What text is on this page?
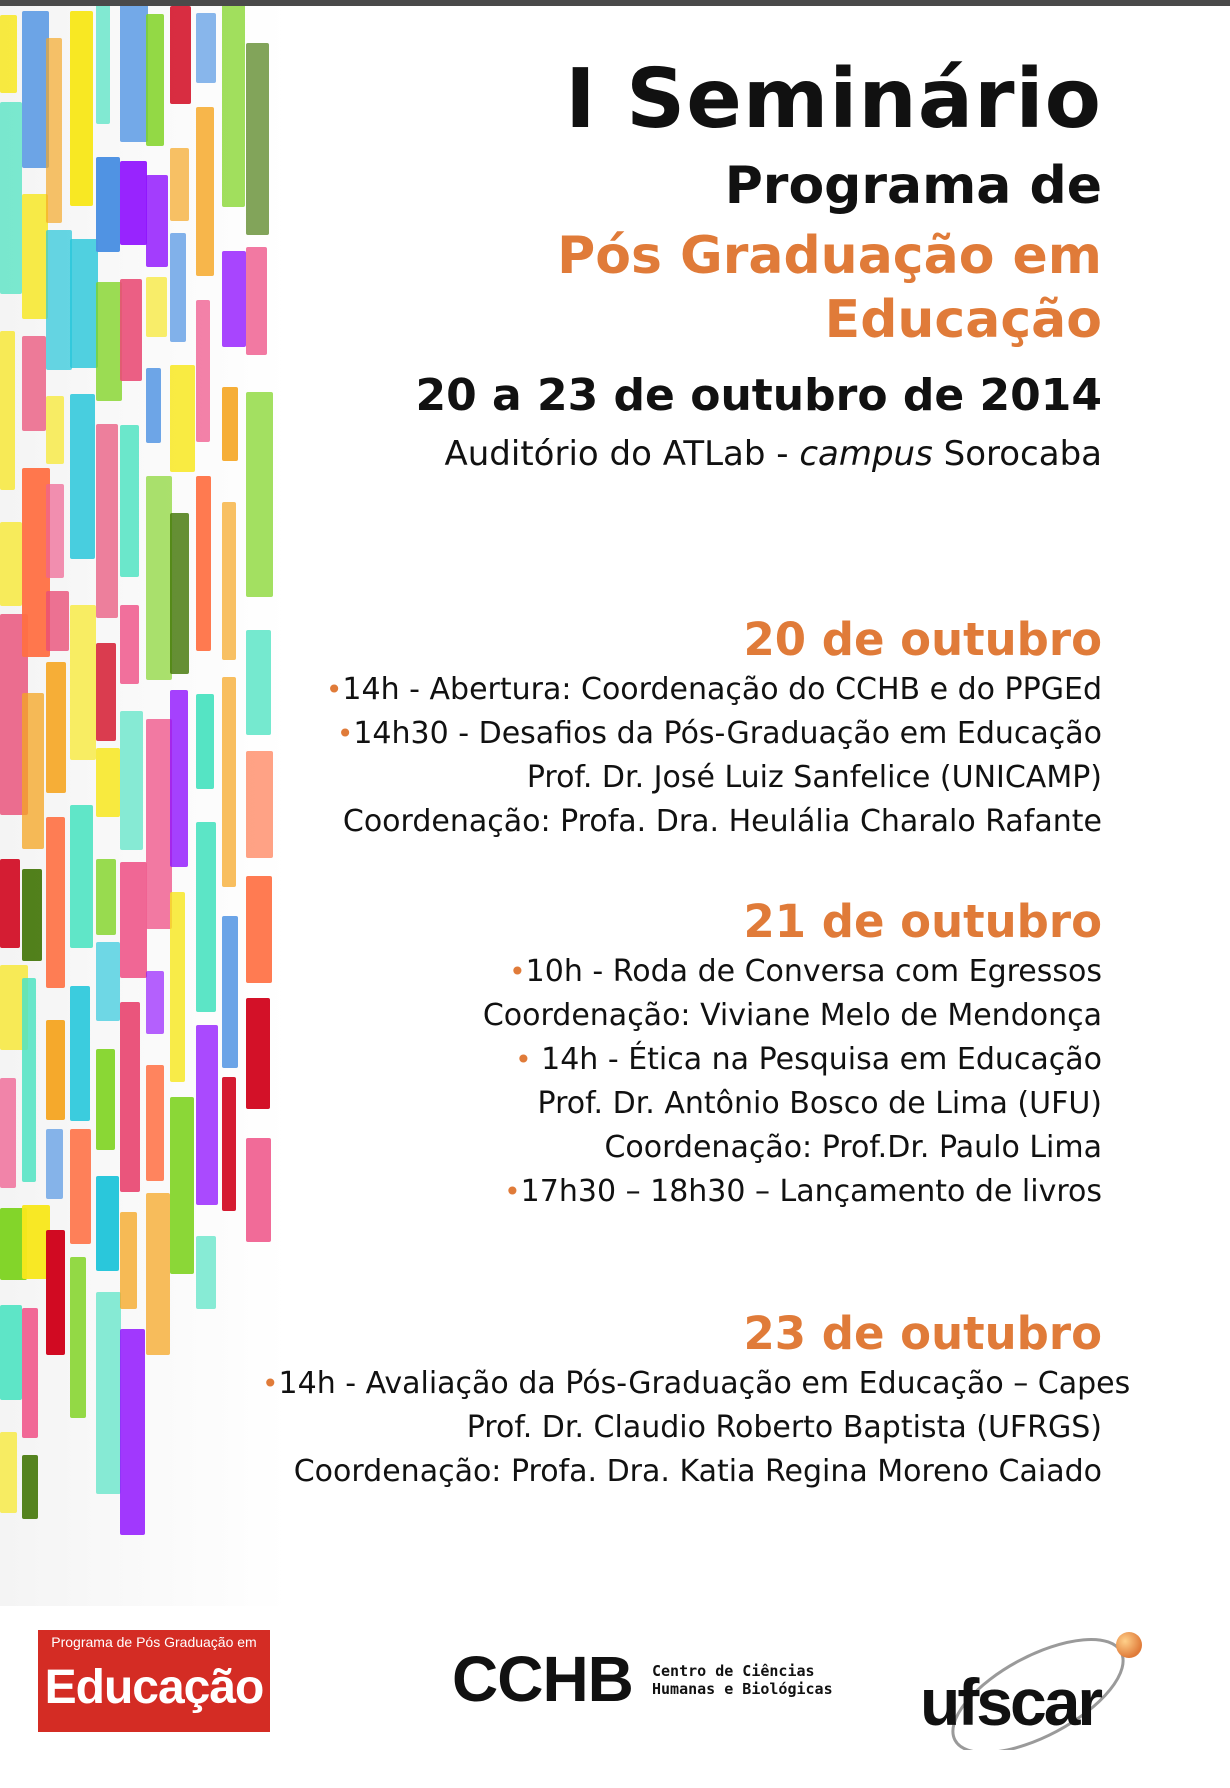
I Seminário

Programa de

Pós Graduação em Educação

20 a 23 de outubro de 2014

Auditório do ATLab - campus Sorocaba

20 de outubro

•14h - Abertura: Coordenação do CCHB e do PPGEd

•14h30 - Desafios da Pós-Graduação em Educação

Prof. Dr. José Luiz Sanfelice (UNICAMP)

Coordenação: Profa. Dra. Heulália Charalo Rafante

21 de outubro

•10h - Roda de Conversa com Egressos

Coordenação: Viviane Melo de Mendonça

• 14h - Ética na Pesquisa em Educação

Prof. Dr. Antônio Bosco de Lima (UFU)

Coordenação: Prof.Dr. Paulo Lima

•17h30 – 18h30 – Lançamento de livros

23 de outubro

•14h - Avaliação da Pós-Graduação em Educação – Capes

Prof. Dr. Claudio Roberto Baptista (UFRGS)

Coordenação: Profa. Dra. Katia Regina Moreno Caiado

Programa de Pós Graduação em
Educação	CCHB Centro de Ciências
Humanas e Biológicas ufscar
